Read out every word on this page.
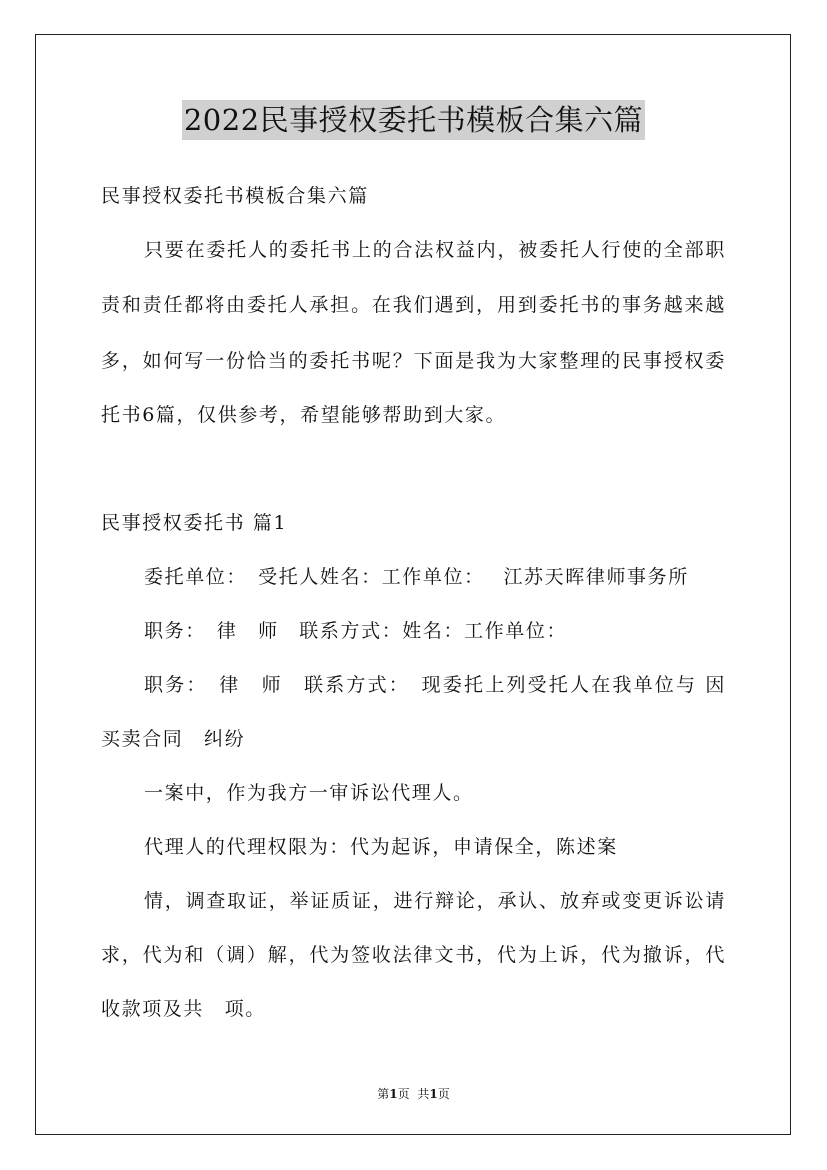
2022民事授权委托书模板合集六篇
民事授权委托书模板合集六篇
只要在委托人的委托书上的合法权益内，被委托人行使的全部职
责和责任都将由委托人承担。在我们遇到，用到委托书的事务越来越
多，如何写一份恰当的委托书呢？下面是我为大家整理的民事授权委
托书6篇，仅供参考，希望能够帮助到大家。
民事授权委托书 篇1
委托单位：　受托人姓名：工作单位：　 江苏天晖律师事务所
职务：　律　师　联系方式：姓名：工作单位：
职务：　律　师　联系方式：　现委托上列受托人在我单位与 因
买卖合同　纠纷
一案中，作为我方一审诉讼代理人。
代理人的代理权限为：代为起诉，申请保全，陈述案
情，调查取证，举证质证，进行辩论，承认、放弃或变更诉讼请
求，代为和（调）解，代为签收法律文书，代为上诉，代为撤诉，代
收款项及共　项。
第1页 共1页
